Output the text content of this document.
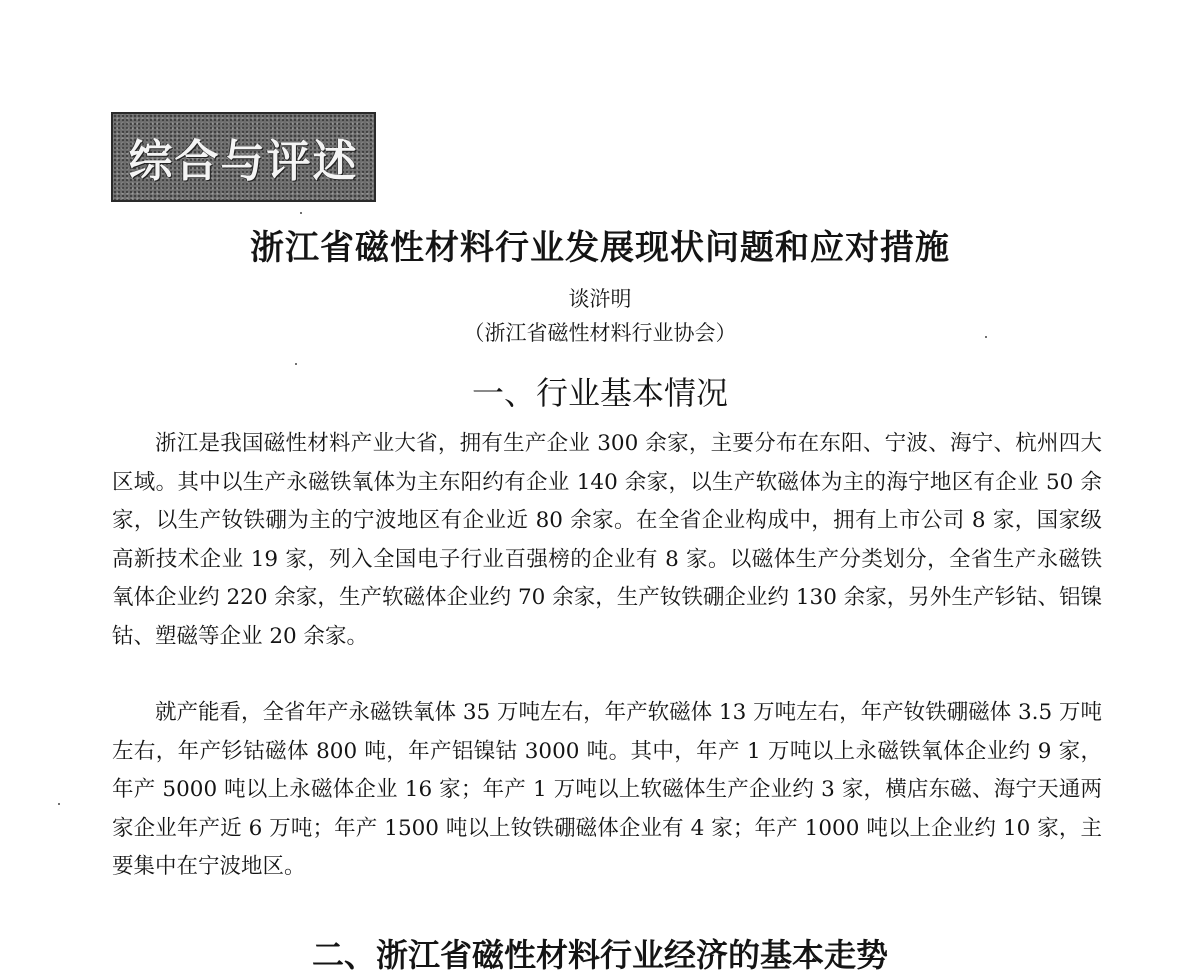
综合与评述
浙江省磁性材料行业发展现状问题和应对措施
谈浒明
（浙江省磁性材料行业协会）
一、行业基本情况

浙江是我国磁性材料产业大省，拥有生产企业 300 余家，主要分布在东阳、宁波、海宁、杭州四大区域。其中以生产永磁铁氧体为主东阳约有企业 140 余家，以生产软磁体为主的海宁地区有企业 50 余家，以生产钕铁硼为主的宁波地区有企业近 80 余家。在全省企业构成中，拥有上市公司 8 家，国家级高新技术企业 19 家，列入全国电子行业百强榜的企业有 8 家。以磁体生产分类划分，全省生产永磁铁氧体企业约 220 余家，生产软磁体企业约 70 余家，生产钕铁硼企业约 130 余家，另外生产钐钴、铝镍钴、塑磁等企业 20 余家。

就产能看，全省年产永磁铁氧体 35 万吨左右，年产软磁体 13 万吨左右，年产钕铁硼磁体 3.5 万吨左右，年产钐钴磁体 800 吨，年产铝镍钴 3000 吨。其中，年产 1 万吨以上永磁铁氧体企业约 9 家，年产 5000 吨以上永磁体企业 16 家；年产 1 万吨以上软磁体生产企业约 3 家，横店东磁、海宁天通两家企业年产近 6 万吨；年产 1500 吨以上钕铁硼磁体企业有 4 家；年产 1000 吨以上企业约 10 家，主要集中在宁波地区。

二、浙江省磁性材料行业经济的基本走势
